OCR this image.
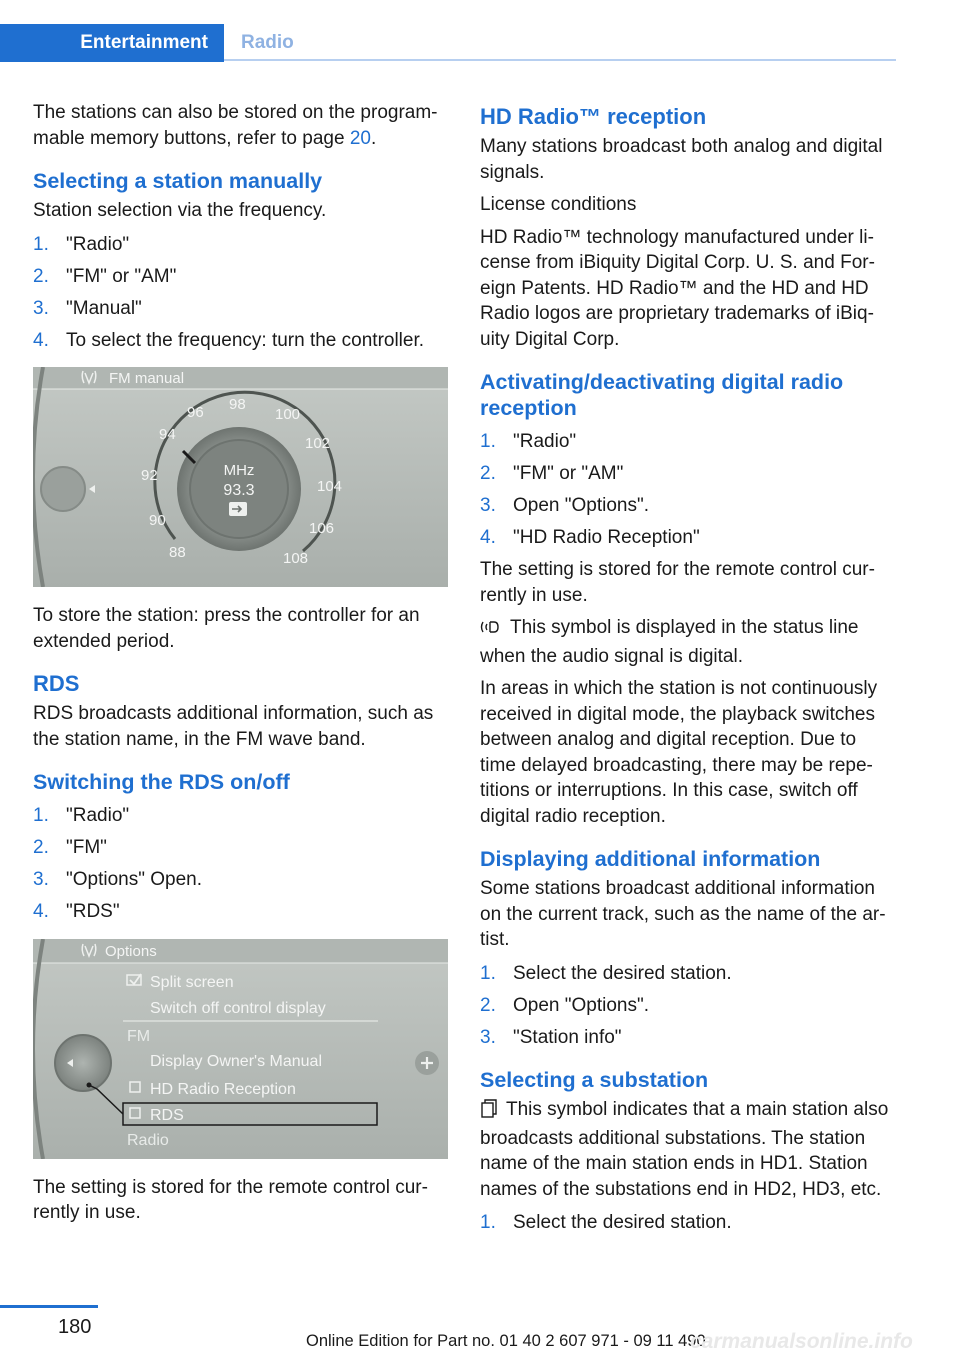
Entertainment	Radio

The stations can also be stored on the program‐mable memory buttons, refer to page 20.

Selecting a station manually

Station selection via the frequency.

1. "Radio"
2. "FM" or "AM"
3. "Manual"
4. To select the frequency: turn the controller.
FM manual
MHz
93.3
88
90
92
94
96 98
100
102
104
106
108

To store the station: press the controller for an extended period.

RDS

RDS broadcasts additional information, such as the station name, in the FM wave band.

Switching the RDS on/off
1. "Radio"
2. "FM"
3. "Options" Open.
4. "RDS"
Options
Split screen
Switch off control display
FM
Display Owner's Manual
HD Radio Reception
RDS
Radio

The setting is stored for the remote control cur‐rently in use.

HD Radio™ reception

Many stations broadcast both analog and digital signals.

License conditions

HD Radio™ technology manufactured under li‐cense from iBiquity Digital Corp. U. S. and For‐eign Patents. HD Radio™ and the HD and HD Radio logos are proprietary trademarks of iBiq‐uity Digital Corp.

Activating/deactivating digital radio reception
1. "Radio"
2. "FM" or "AM"
3. Open "Options".
4. "HD Radio Reception"

The setting is stored for the remote control cur‐rently in use.

This symbol is displayed in the status line when the audio signal is digital.

In areas in which the station is not continuously received in digital mode, the playback switches between analog and digital reception. Due to time delayed broadcasting, there may be repe‐titions or interruptions. In this case, switch off digital radio reception.

Displaying additional information

Some stations broadcast additional information on the current track, such as the name of the ar‐tist.

1. Select the desired station.
2. Open "Options".
3. "Station info"
Selecting a substation

This symbol indicates that a main station also broadcasts additional substations. The station name of the main station ends in HD1. Station names of the substations end in HD2, HD3, etc.

1. Select the desired station.
180
Online Edition for Part no. 01 40 2 607 971 - 09 11 490
carmanualsonline.info
